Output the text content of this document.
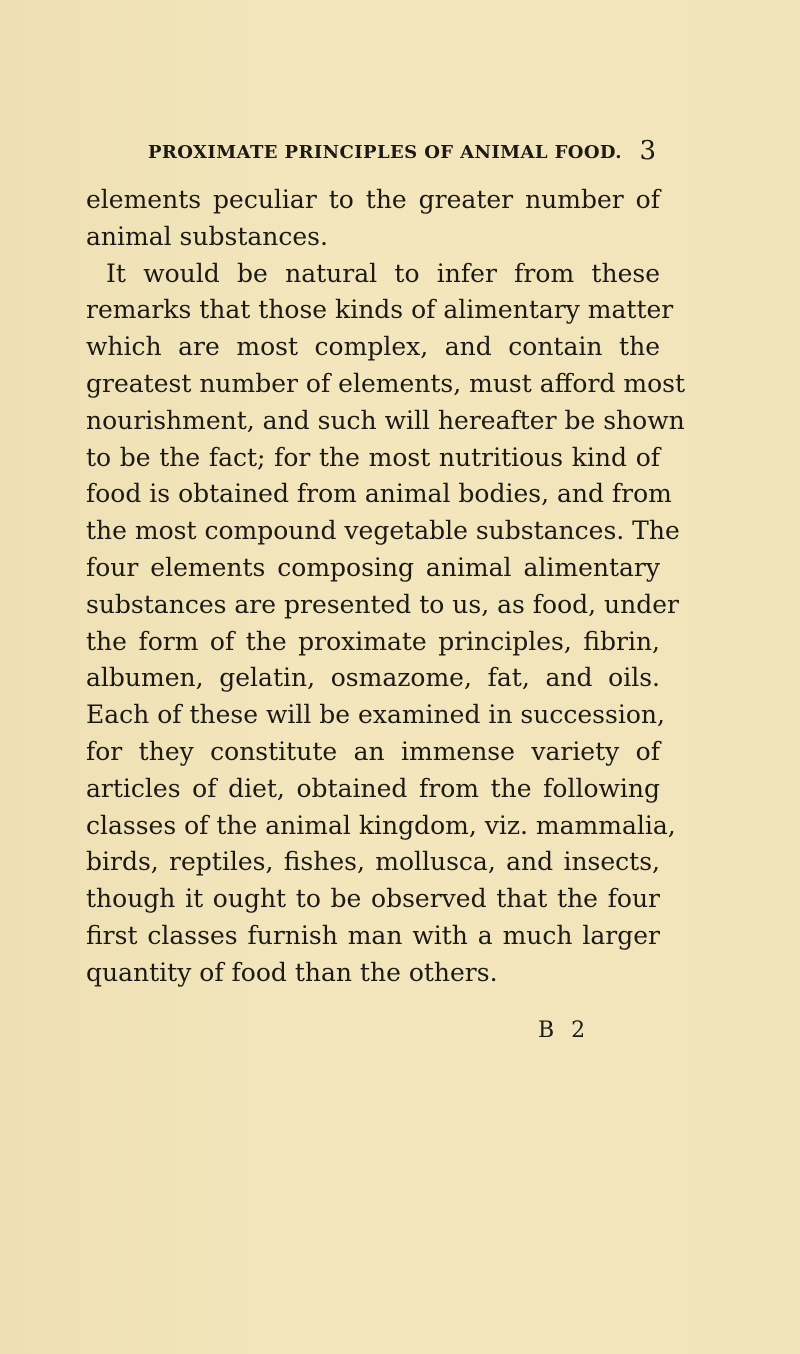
PROXIMATE PRINCIPLES OF ANIMAL FOOD. 3
elements peculiar to the greater number of
animal substances.
It would be natural to infer from these
remarks that those kinds of alimentary matter
which are most complex, and contain the
greatest number of elements, must afford most
nourishment, and such will hereafter be shown
to be the fact; for the most nutritious kind of
food is obtained from animal bodies, and from
the most compound vegetable substances. The
four elements composing animal alimentary
substances are presented to us, as food, under
the form of the proximate principles, fibrin,
albumen, gelatin, osmazome, fat, and oils.
Each of these will be examined in succession,
for they constitute an immense variety of
articles of diet, obtained from the following
classes of the animal kingdom, viz. mammalia,
birds, reptiles, fishes, mollusca, and insects,
though it ought to be observed that the four
first classes furnish man with a much larger
quantity of food than the others.
B 2
